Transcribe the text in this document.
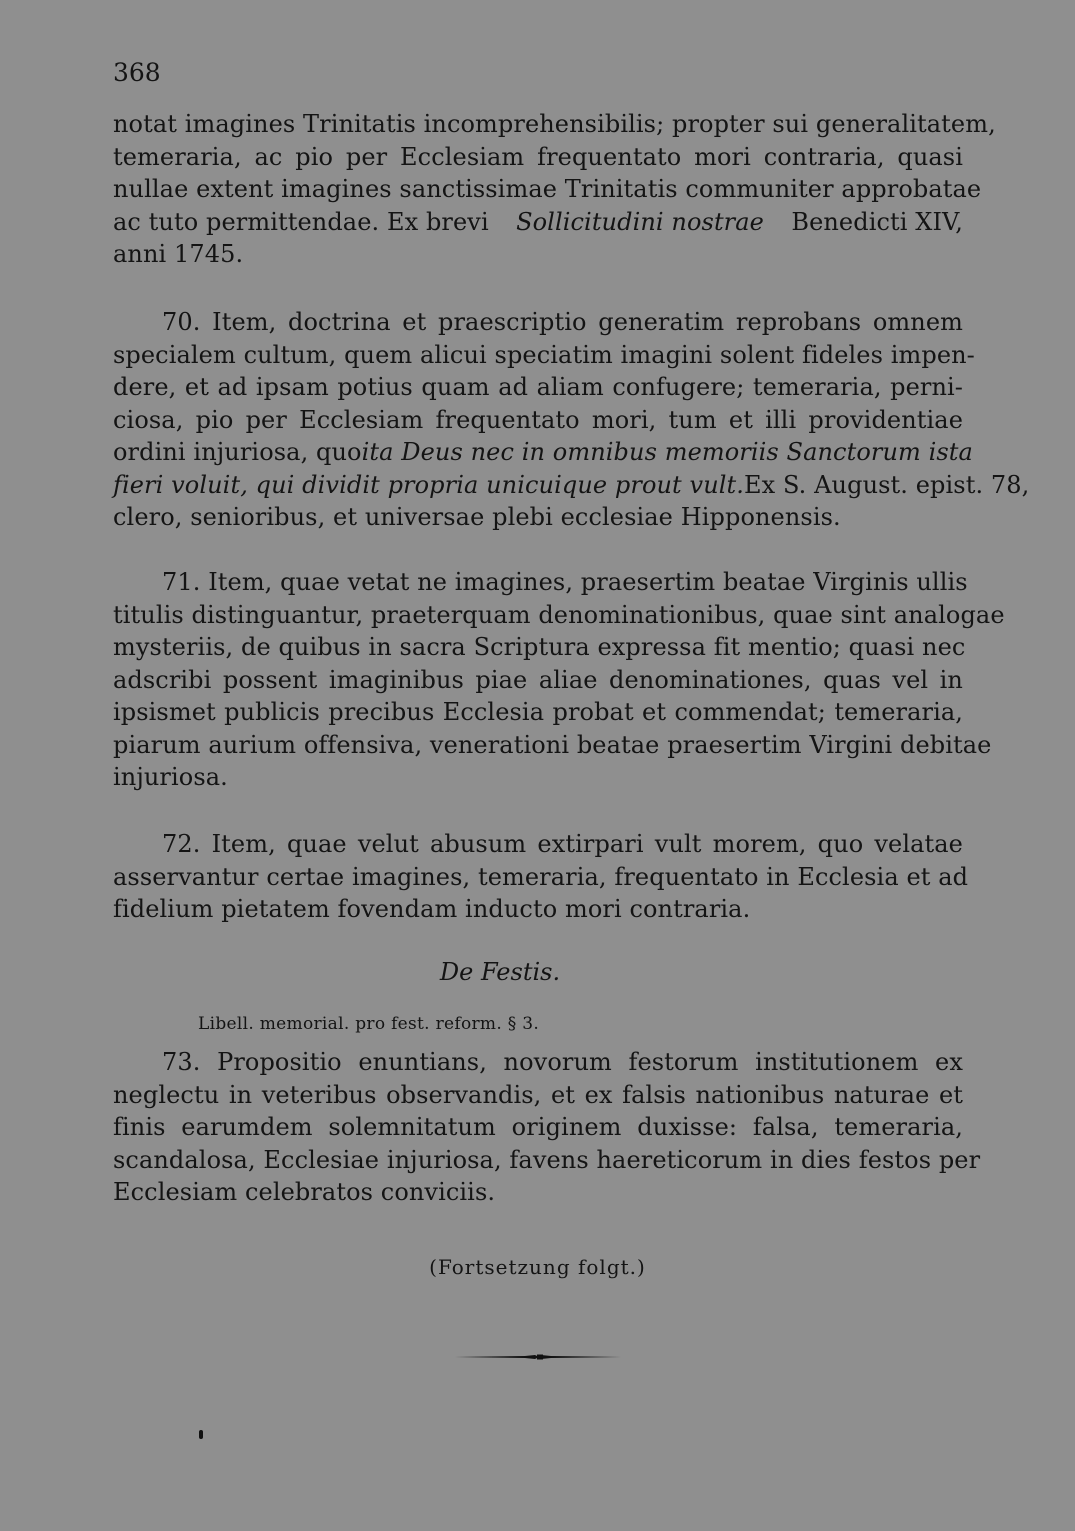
368
notat imagines Trinitatis incomprehensibilis; propter sui generalitatem,
temeraria, ac pio per Ecclesiam frequentato mori contraria, quasi
nullae extent imagines sanctissimae Trinitatis communiter approbatae
ac tuto permittendae. Ex brevi Sollicitudini nostrae Benedicti XIV,
anni 1745.
70. Item, doctrina et praescriptio generatim reprobans omnem
specialem cultum, quem alicui speciatim imagini solent fideles impen-
dere, et ad ipsam potius quam ad aliam confugere; temeraria, perni-
ciosa, pio per Ecclesiam frequentato mori, tum et illi providentiae
ordini injuriosa, quo ita Deus nec in omnibus memoriis Sanctorum ista
fieri voluit, qui dividit propria unicuique prout vult. Ex S. August. epist. 78,
clero, senioribus, et universae plebi ecclesiae Hipponensis.
71. Item, quae vetat ne imagines, praesertim beatae Virginis ullis
titulis distinguantur, praeterquam denominationibus, quae sint analogae
mysteriis, de quibus in sacra Scriptura expressa fit mentio; quasi nec
adscribi possent imaginibus piae aliae denominationes, quas vel in
ipsismet publicis precibus Ecclesia probat et commendat; temeraria,
piarum aurium offensiva, venerationi beatae praesertim Virgini debitae
injuriosa.
72. Item, quae velut abusum extirpari vult morem, quo velatae
asservantur certae imagines, temeraria, frequentato in Ecclesia et ad
fidelium pietatem fovendam inducto mori contraria.
De Festis.
Libell. memorial. pro fest. reform. § 3.
73. Propositio enuntians, novorum festorum institutionem ex
neglectu in veteribus observandis, et ex falsis nationibus naturae et
finis earumdem solemnitatum originem duxisse: falsa, temeraria,
scandalosa, Ecclesiae injuriosa, favens haereticorum in dies festos per
Ecclesiam celebratos conviciis.
(Fortsetzung folgt.)
